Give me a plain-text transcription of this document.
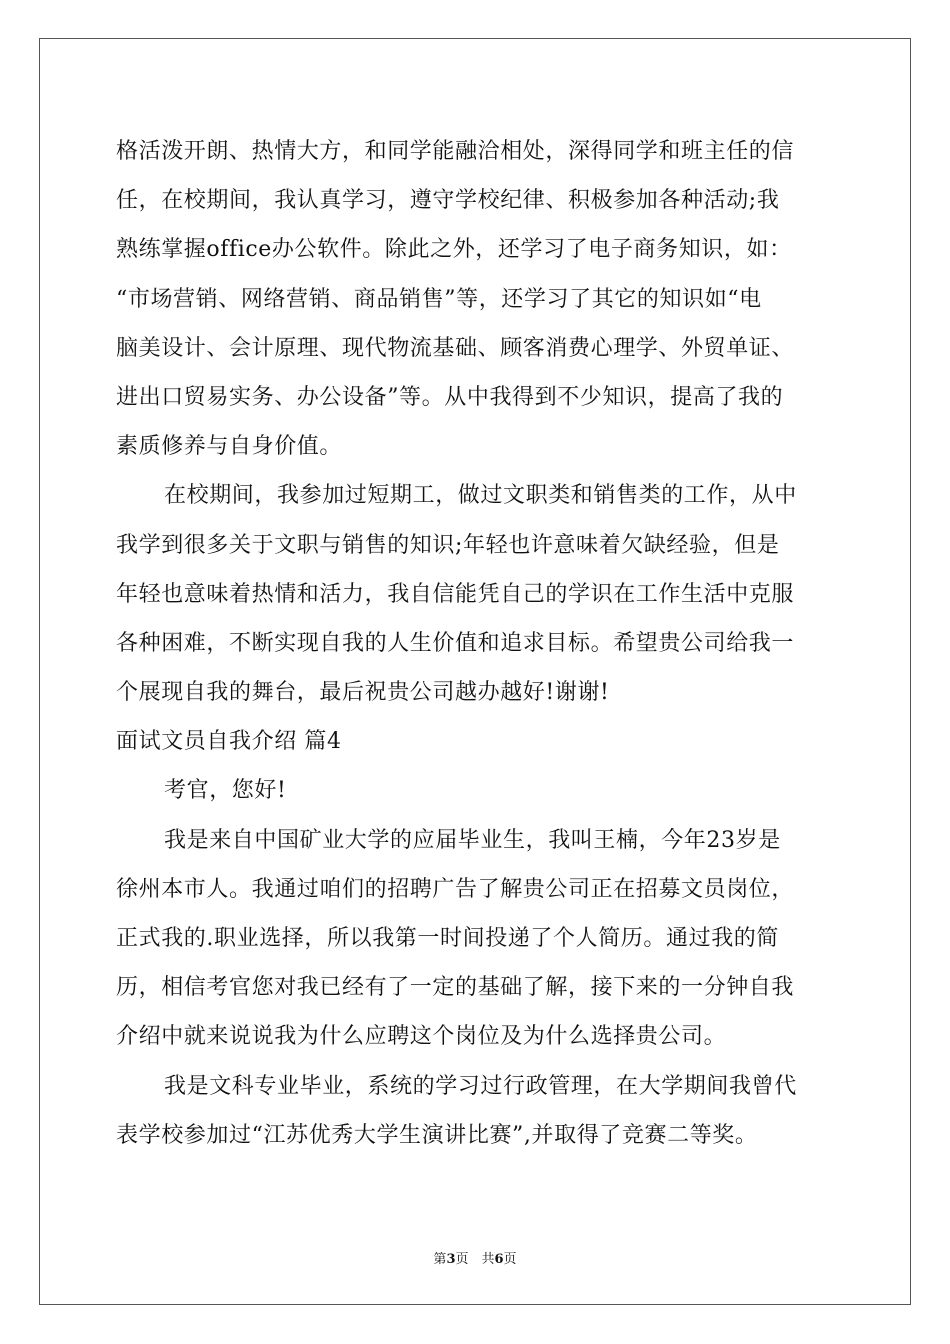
格活泼开朗、热情大方，和同学能融洽相处，深得同学和班主任的信
任，在校期间，我认真学习，遵守学校纪律、积极参加各种活动;我
熟练掌握office办公软件。除此之外，还学习了电子商务知识，如：
“市场营销、网络营销、商品销售”等，还学习了其它的知识如“电
脑美设计、会计原理、现代物流基础、顾客消费心理学、外贸单证、
进出口贸易实务、办公设备”等。从中我得到不少知识，提高了我的
素质修养与自身价值。
在校期间，我参加过短期工，做过文职类和销售类的工作，从中
我学到很多关于文职与销售的知识;年轻也许意味着欠缺经验，但是
年轻也意味着热情和活力，我自信能凭自己的学识在工作生活中克服
各种困难，不断实现自我的人生价值和追求目标。希望贵公司给我一
个展现自我的舞台，最后祝贵公司越办越好!谢谢!
面试文员自我介绍 篇4
考官，您好!
我是来自中国矿业大学的应届毕业生，我叫王楠，今年23岁是
徐州本市人。我通过咱们的招聘广告了解贵公司正在招募文员岗位，
正式我的.职业选择，所以我第一时间投递了个人简历。通过我的简
历，相信考官您对我已经有了一定的基础了解，接下来的一分钟自我
介绍中就来说说我为什么应聘这个岗位及为什么选择贵公司。
我是文科专业毕业，系统的学习过行政管理，在大学期间我曾代
表学校参加过“江苏优秀大学生演讲比赛”,并取得了竞赛二等奖。
第3页　共6页
